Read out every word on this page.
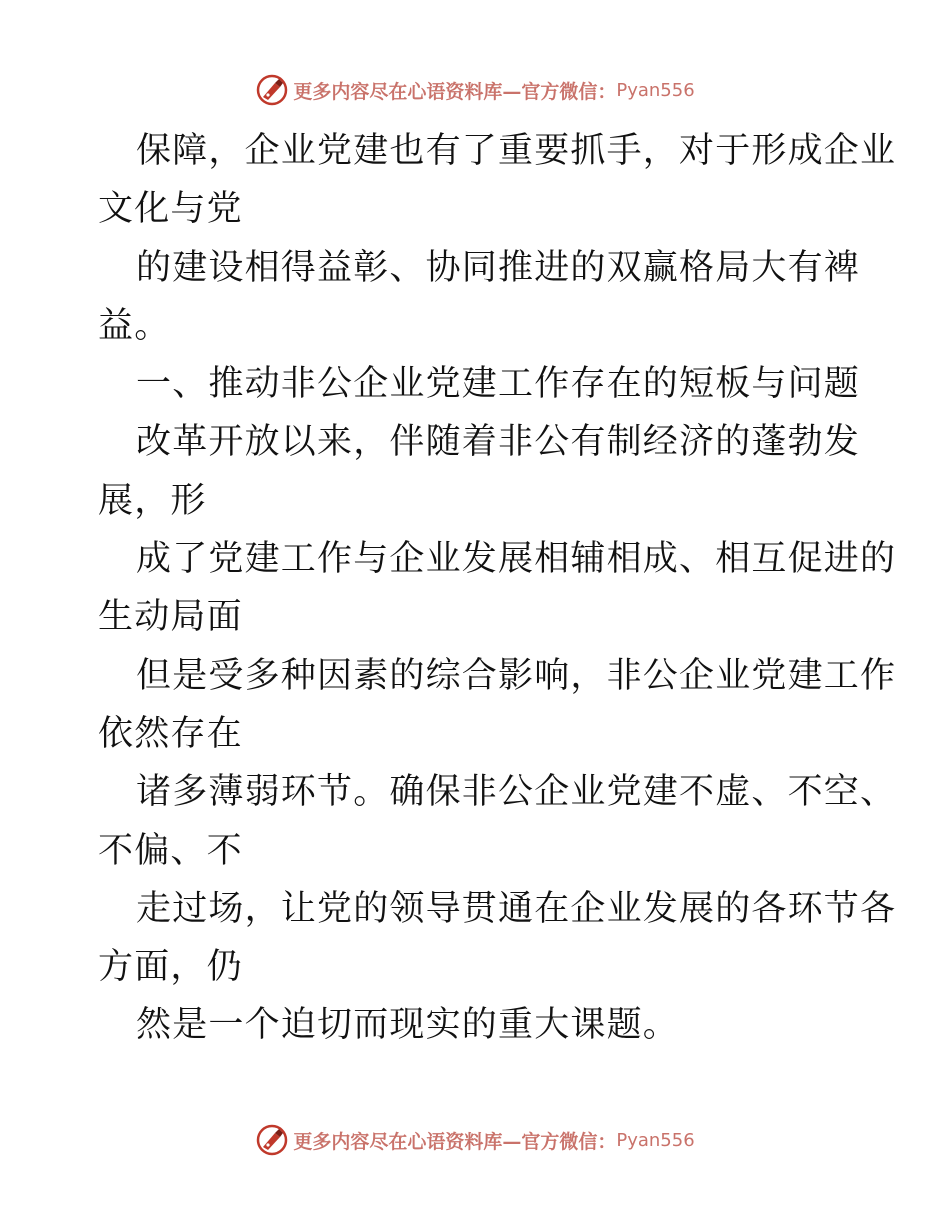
更多内容尽在心语资料库—官方微信： Pyan556
保障，企业党建也有了重要抓手，对于形成企业
文化与党
的建设相得益彰、协同推进的双赢格局大有裨
益。
一、推动非公企业党建工作存在的短板与问题
改革开放以来，伴随着非公有制经济的蓬勃发
展，形
成了党建工作与企业发展相辅相成、相互促进的
生动局面
但是受多种因素的综合影响，非公企业党建工作
依然存在
诸多薄弱环节。确保非公企业党建不虚、不空、
不偏、不
走过场，让党的领导贯通在企业发展的各环节各
方面，仍
然是一个迫切而现实的重大课题。
更多内容尽在心语资料库—官方微信： Pyan556
